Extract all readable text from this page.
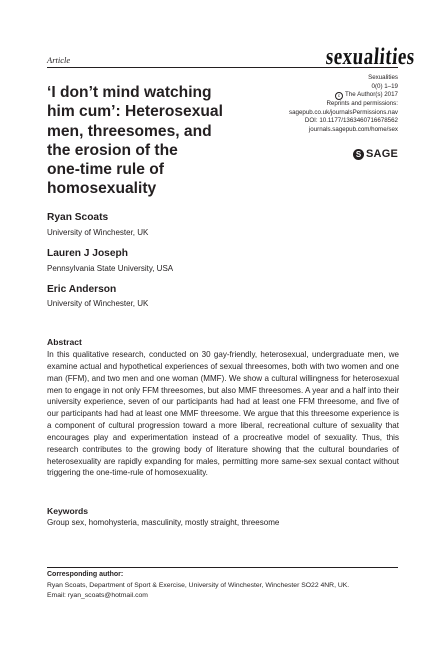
Article	sexualities
Sexualities
0(0) 1–19
c The Author(s) 2017
Reprints and permissions:
sagepub.co.uk/journalsPermissions.nav
DOI: 10.1177/1363460716678562
journals.sagepub.com/home/sex
S SAGE
‘I don’t mind watching
him cum’: Heterosexual
men, threesomes, and
the erosion of the
one-time rule of
homosexuality
Ryan Scoats
University of Winchester, UK
Lauren J Joseph
Pennsylvania State University, USA
Eric Anderson
University of Winchester, UK
Abstract
In this qualitative research, conducted on 30 gay-friendly, heterosexual, undergraduate men, we examine actual and hypothetical experiences of sexual threesomes, both with two women and one man (FFM), and two men and one woman (MMF). We show a cultural willingness for heterosexual men to engage in not only FFM threesomes, but also MMF threesomes. A year and a half into their university experience, seven of our participants had had at least one FFM threesome, and five of our participants had had at least one MMF threesome. We argue that this threesome experience is a component of cultural progression toward a more liberal, recreational culture of sexuality that encourages play and experimentation instead of a procreative model of sexuality. Thus, this research contributes to the growing body of literature showing that the cultural boundaries of heterosexuality are rapidly expanding for males, permitting more same-sex sexual contact without triggering the one-time-rule of homosexuality.
Keywords
Group sex, homohysteria, masculinity, mostly straight, threesome
Corresponding author:
Ryan Scoats, Department of Sport & Exercise, University of Winchester, Winchester SO22 4NR, UK.
Email: ryan_scoats@hotmail.com
